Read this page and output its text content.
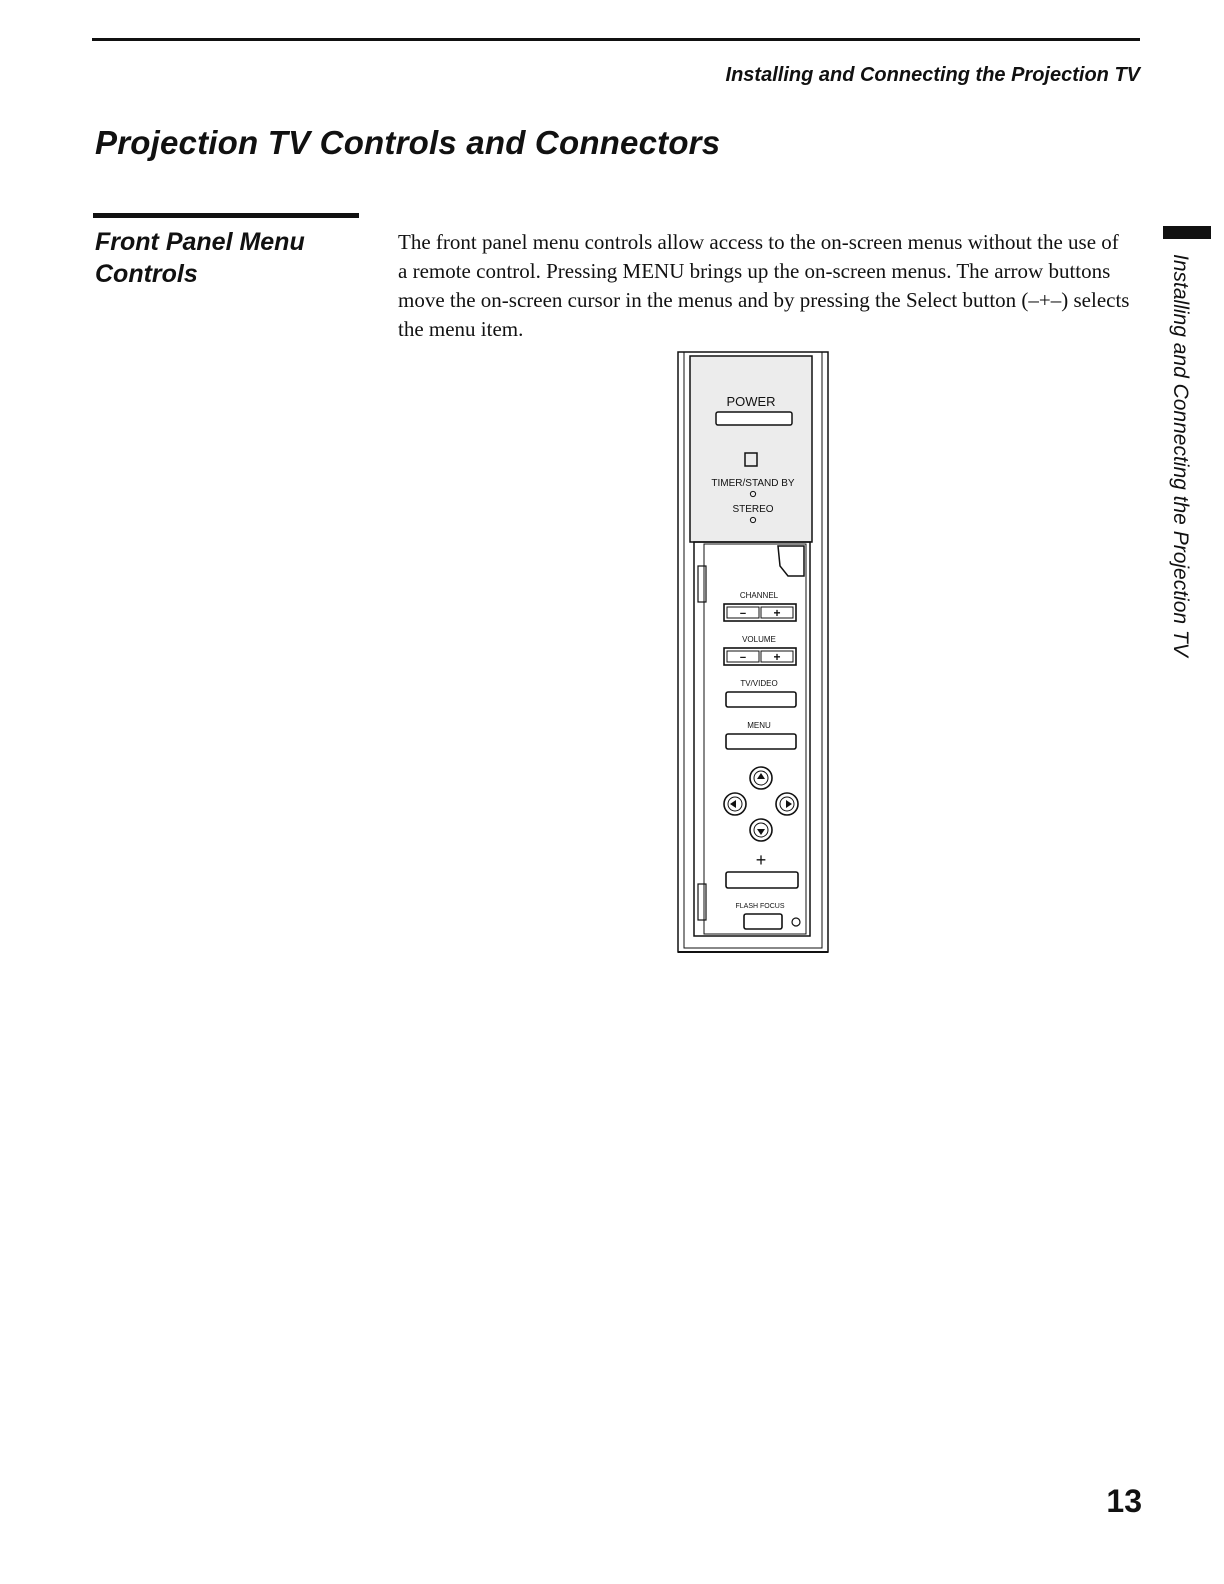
Installing and Connecting the Projection TV
Projection TV Controls and Connectors
Front Panel Menu Controls

The front panel menu controls allow access to the on-screen menus without the use of a remote control. Pressing MENU brings up the on-screen menus. The arrow buttons move the on-screen cursor in the menus and by pressing the Select button (–+–) selects the menu item.	Installing and Connecting the Projection TV
POWER
TIMER/STAND BY
STEREO
CHANNEL
− +
VOLUME
− +
TV/VIDEO
MENU
+
FLASH FOCUS
13
